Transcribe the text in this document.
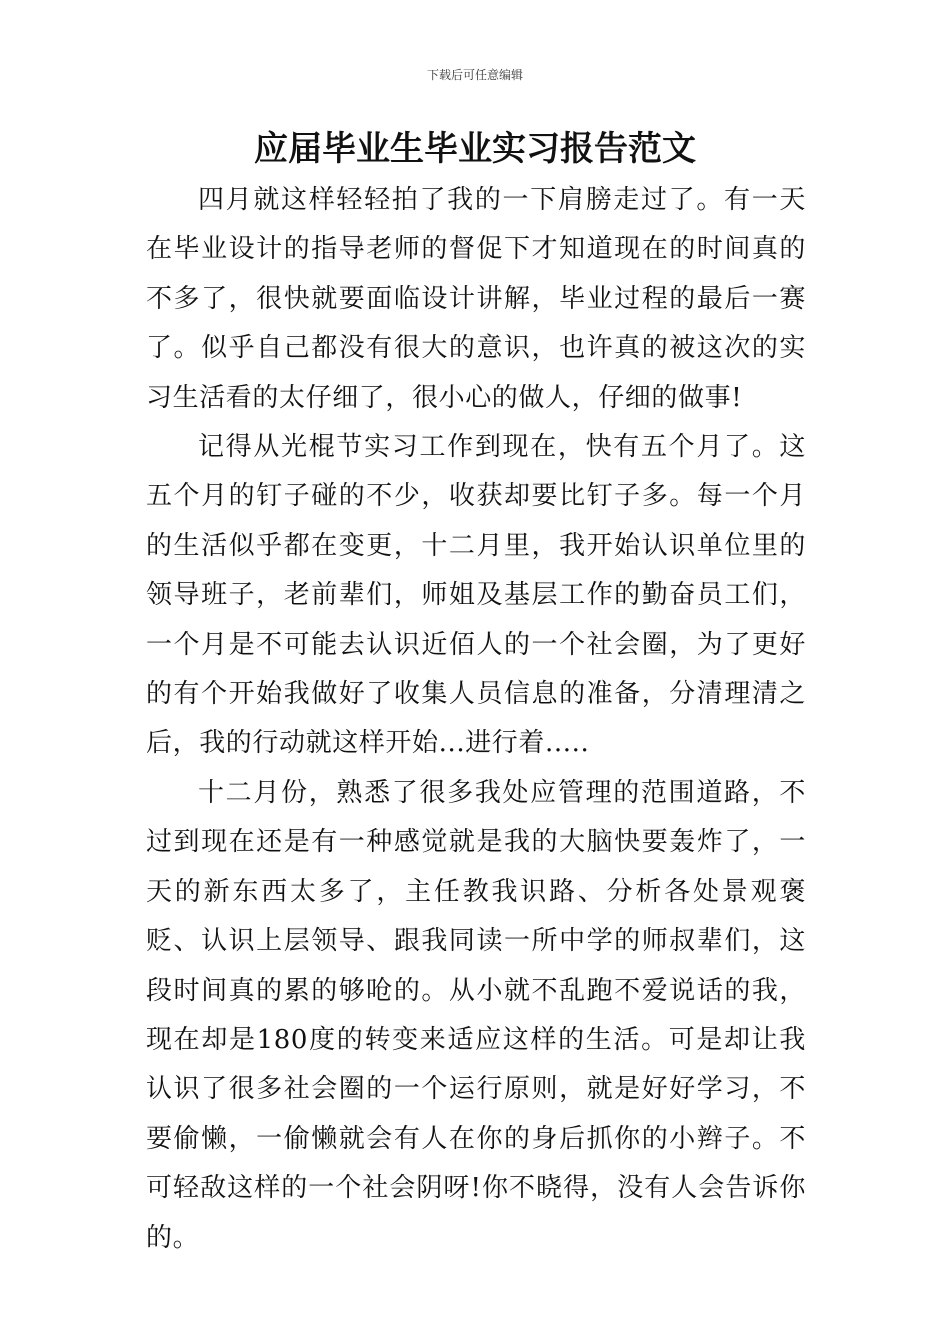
下载后可任意编辑
应届毕业生毕业实习报告范文

四月就这样轻轻拍了我的一下肩膀走过了。有一天在毕业设计的指导老师的督促下才知道现在的时间真的不多了，很快就要面临设计讲解，毕业过程的最后一赛了。似乎自己都没有很大的意识，也许真的被这次的实习生活看的太仔细了，很小心的做人，仔细的做事!

记得从光棍节实习工作到现在，快有五个月了。这五个月的钉子碰的不少，收获却要比钉子多。每一个月的生活似乎都在变更，十二月里，我开始认识单位里的领导班子，老前辈们，师姐及基层工作的勤奋员工们，一个月是不可能去认识近佰人的一个社会圈，为了更好的有个开始我做好了收集人员信息的准备，分清理清之后，我的行动就这样开始...进行着.....

十二月份，熟悉了很多我处应管理的范围道路，不过到现在还是有一种感觉就是我的大脑快要轰炸了，一天的新东西太多了，主任教我识路、分析各处景观褒贬、认识上层领导、跟我同读一所中学的师叔辈们，这段时间真的累的够呛的。从小就不乱跑不爱说话的我，现在却是180度的转变来适应这样的生活。可是却让我认识了很多社会圈的一个运行原则，就是好好学习，不要偷懒，一偷懒就会有人在你的身后抓你的小辫子。不可轻敌这样的一个社会阴呀!你不晓得，没有人会告诉你的。
